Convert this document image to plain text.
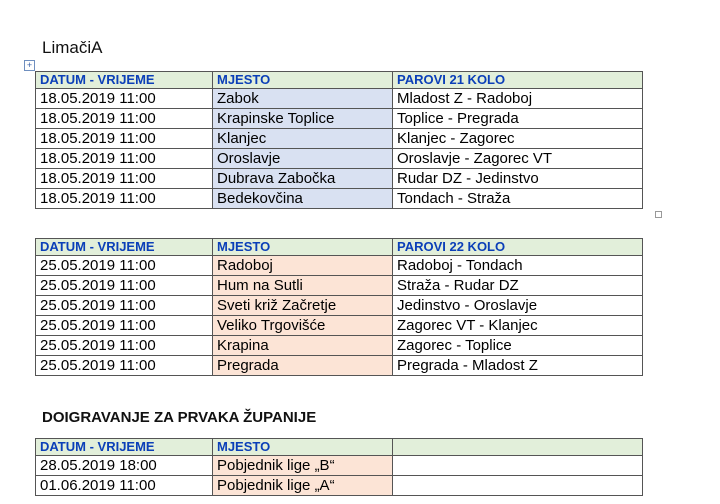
LimačiA
+
DATUM - VRIJEME	MJESTO	PAROVI 21 KOLO
18.05.2019 11:00	Zabok	Mladost Z - Radoboj
18.05.2019 11:00	Krapinske Toplice	Toplice - Pregrada
18.05.2019 11:00	Klanjec	Klanjec - Zagorec
18.05.2019 11:00	Oroslavje	Oroslavje - Zagorec VT
18.05.2019 11:00	Dubrava Zabočka	Rudar DZ - Jedinstvo
18.05.2019 11:00	Bedekovčina	Tondach - Straža
DATUM - VRIJEME	MJESTO	PAROVI 22 KOLO
25.05.2019 11:00	Radoboj	Radoboj - Tondach
25.05.2019 11:00	Hum na Sutli	Straža - Rudar DZ
25.05.2019 11:00	Sveti križ Začretje	Jedinstvo - Oroslavje
25.05.2019 11:00	Veliko Trgovišće	Zagorec VT - Klanjec
25.05.2019 11:00	Krapina	Zagorec - Toplice
25.05.2019 11:00	Pregrada	Pregrada - Mladost Z
DOIGRAVANJE ZA PRVAKA ŽUPANIJE
DATUM - VRIJEME	MJESTO	
28.05.2019 18:00	Pobjednik lige „B“	
01.06.2019 11:00	Pobjednik lige „A“	
